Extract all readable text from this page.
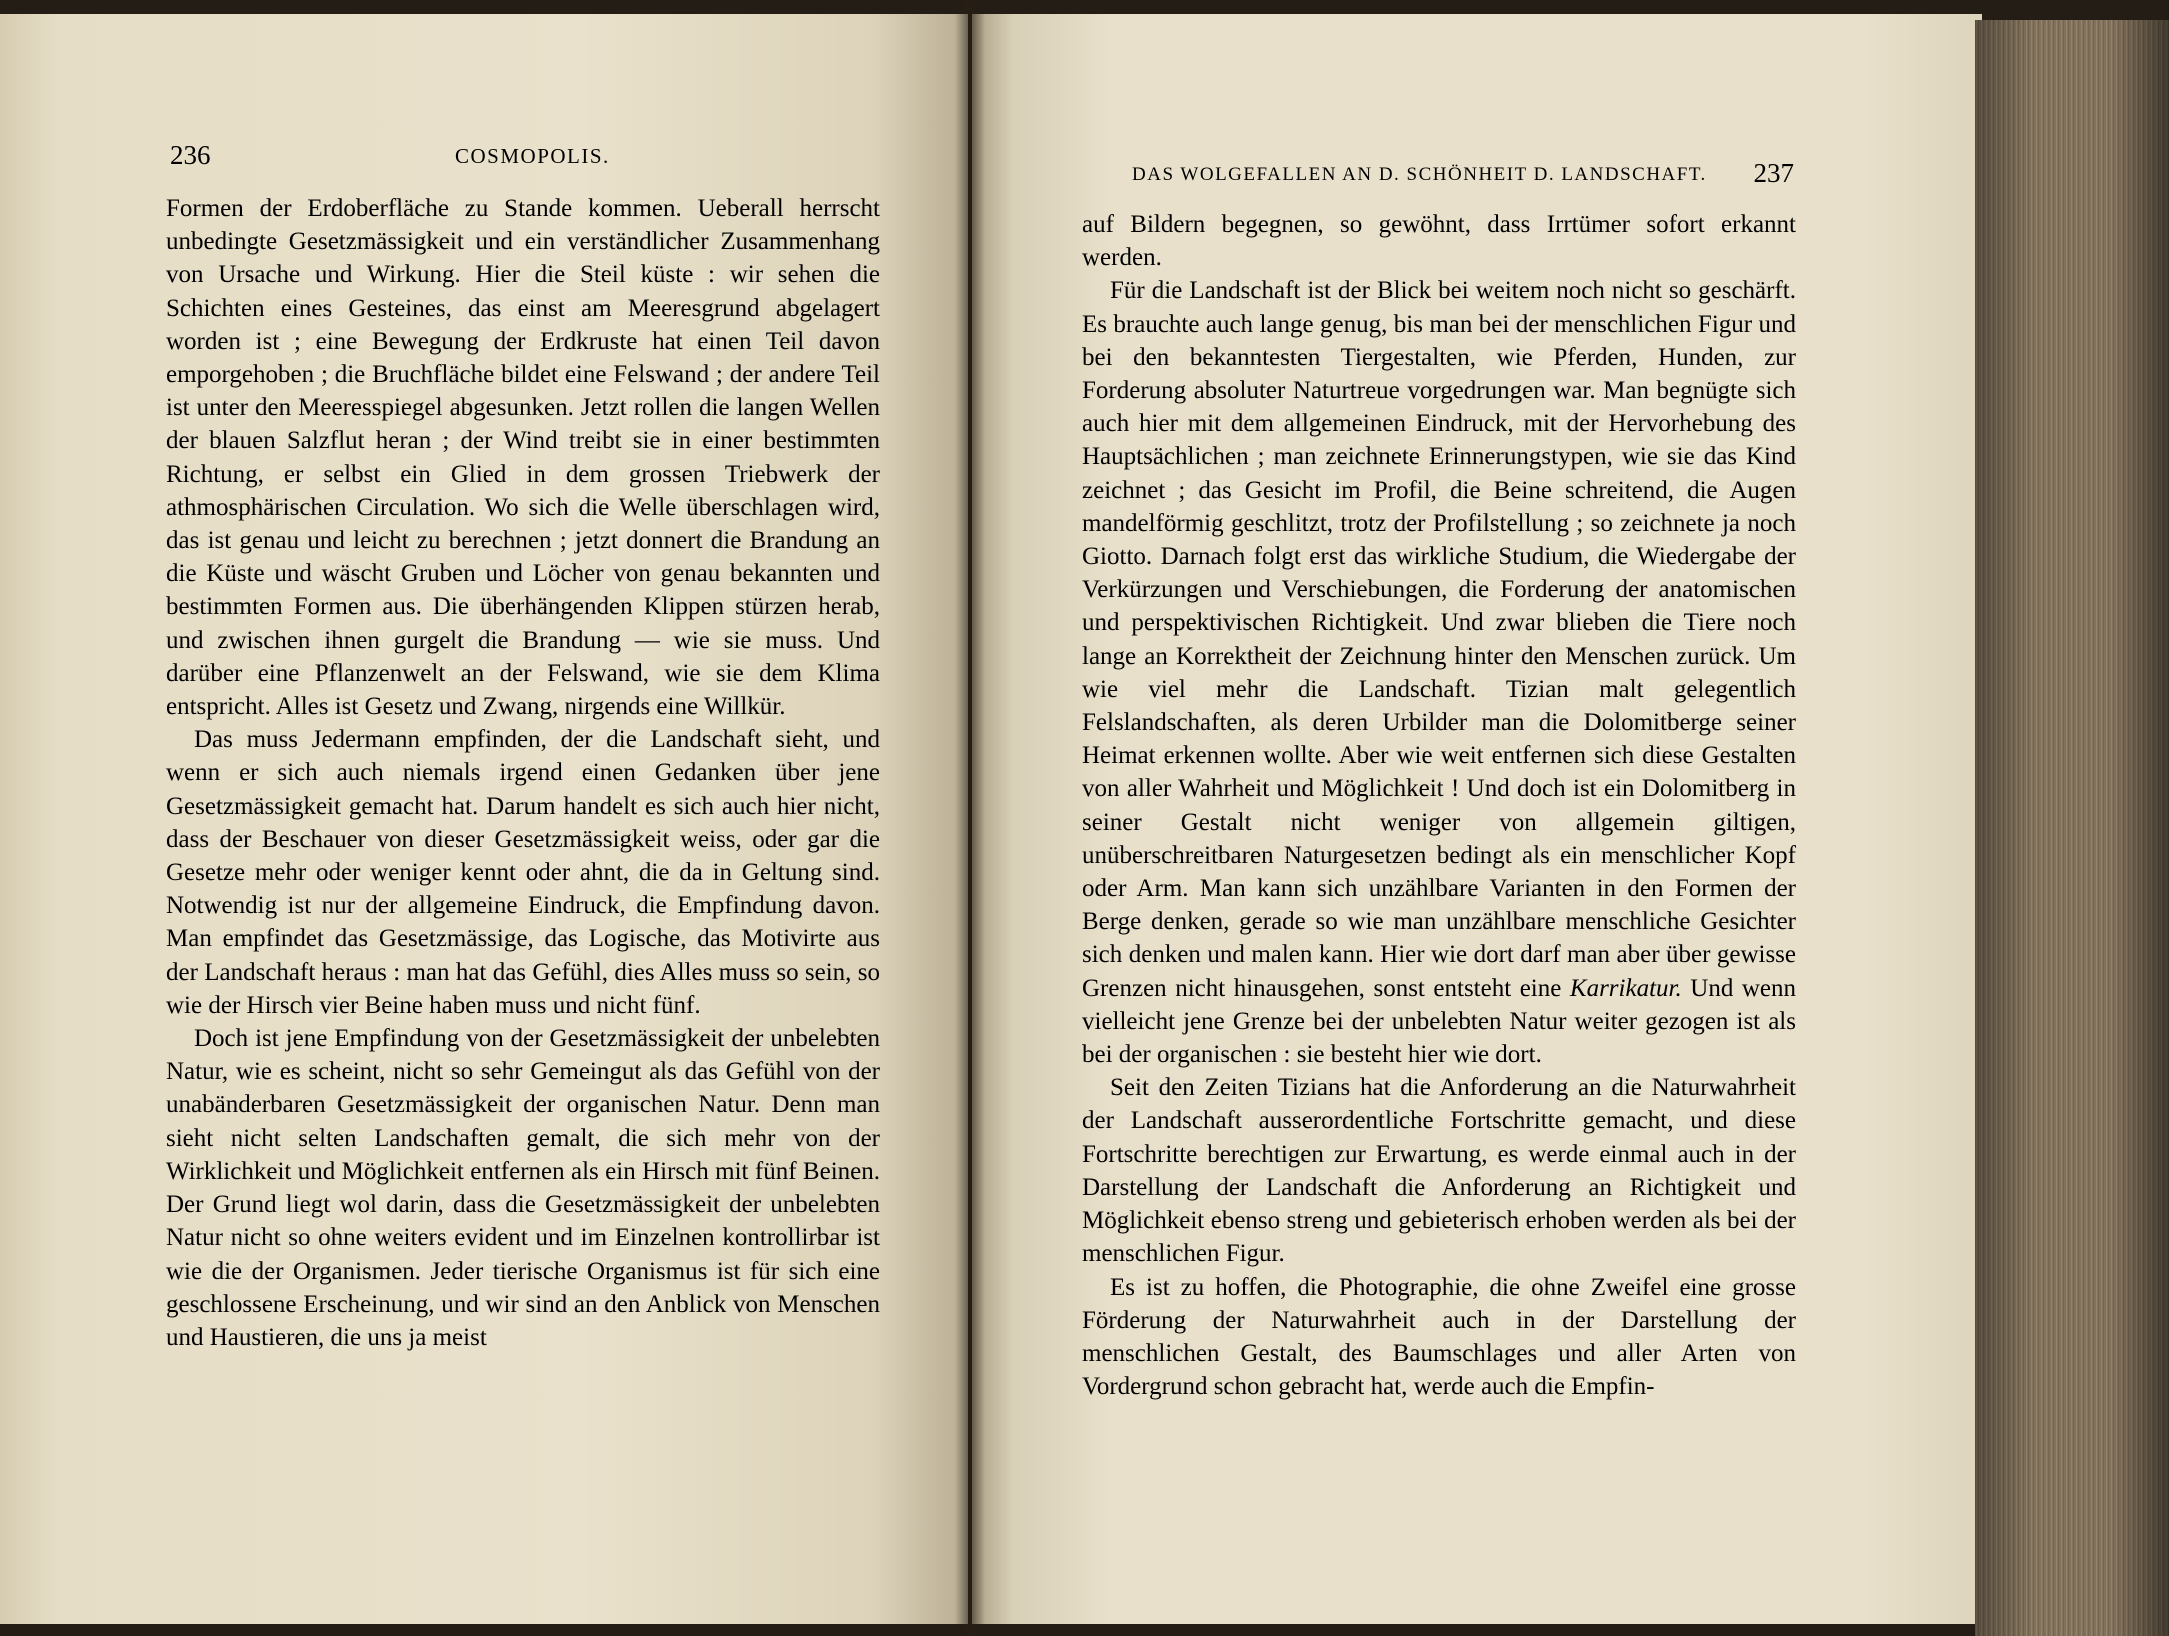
236	COSMOPOLIS.
DAS WOLGEFALLEN AN D. SCHÖNHEIT D. LANDSCHAFT. 237

Formen der Erdoberfläche zu Stande kommen. Ueberall herrscht unbedingte Gesetzmässigkeit und ein verständlicher Zusammenhang von Ursache und Wirkung. Hier die Steil küste : wir sehen die Schichten eines Gesteines, das einst am Meeresgrund abgelagert worden ist ; eine Bewegung der Erdkruste hat einen Teil davon emporgehoben ; die Bruchfläche bildet eine Felswand ; der andere Teil ist unter den Meeresspiegel abgesunken. Jetzt rollen die langen Wellen der blauen Salzflut heran ; der Wind treibt sie in einer bestimmten Richtung, er selbst ein Glied in dem grossen Triebwerk der athmosphärischen Circulation. Wo sich die Welle überschlagen wird, das ist genau und leicht zu berechnen ; jetzt donnert die Brandung an die Küste und wäscht Gruben und Löcher von genau bekannten und bestimmten Formen aus. Die überhängenden Klippen stürzen herab, und zwischen ihnen gurgelt die Brandung — wie sie muss. Und darüber eine Pflanzenwelt an der Felswand, wie sie dem Klima entspricht. Alles ist Gesetz und Zwang, nirgends eine Willkür.

Das muss Jedermann empfinden, der die Landschaft sieht, und wenn er sich auch niemals irgend einen Gedanken über jene Gesetzmässigkeit gemacht hat. Darum handelt es sich auch hier nicht, dass der Beschauer von dieser Gesetzmässigkeit weiss, oder gar die Gesetze mehr oder weniger kennt oder ahnt, die da in Geltung sind. Notwendig ist nur der allgemeine Eindruck, die Empfindung davon. Man empfindet das Gesetzmässige, das Logische, das Motivirte aus der Landschaft heraus : man hat das Gefühl, dies Alles muss so sein, so wie der Hirsch vier Beine haben muss und nicht fünf.

Doch ist jene Empfindung von der Gesetzmässigkeit der unbelebten Natur, wie es scheint, nicht so sehr Gemeingut als das Gefühl von der unabänderbaren Gesetzmässigkeit der organischen Natur. Denn man sieht nicht selten Landschaften gemalt, die sich mehr von der Wirklichkeit und Möglichkeit entfernen als ein Hirsch mit fünf Beinen. Der Grund liegt wol darin, dass die Gesetzmässigkeit der unbelebten Natur nicht so ohne weiters evident und im Einzelnen kontrollirbar ist wie die der Organismen. Jeder tierische Organismus ist für sich eine geschlossene Erscheinung, und wir sind an den Anblick von Menschen und Haustieren, die uns ja meist

auf Bildern begegnen, so gewöhnt, dass Irrtümer sofort erkannt werden.

Für die Landschaft ist der Blick bei weitem noch nicht so geschärft. Es brauchte auch lange genug, bis man bei der menschlichen Figur und bei den bekanntesten Tiergestalten, wie Pferden, Hunden, zur Forderung absoluter Naturtreue vorgedrungen war. Man begnügte sich auch hier mit dem allgemeinen Eindruck, mit der Hervorhebung des Hauptsächlichen ; man zeichnete Erinnerungstypen, wie sie das Kind zeichnet ; das Gesicht im Profil, die Beine schreitend, die Augen mandelförmig geschlitzt, trotz der Profilstellung ; so zeichnete ja noch Giotto. Darnach folgt erst das wirkliche Studium, die Wiedergabe der Verkürzungen und Verschiebungen, die Forderung der anatomischen und perspektivischen Richtigkeit. Und zwar blieben die Tiere noch lange an Korrektheit der Zeichnung hinter den Menschen zurück. Um wie viel mehr die Landschaft. Tizian malt gelegentlich Felslandschaften, als deren Urbilder man die Dolomitberge seiner Heimat erkennen wollte. Aber wie weit entfernen sich diese Gestalten von aller Wahrheit und Möglichkeit ! Und doch ist ein Dolomitberg in seiner Gestalt nicht weniger von allgemein giltigen, unüberschreitbaren Naturgesetzen bedingt als ein menschlicher Kopf oder Arm. Man kann sich unzählbare Varianten in den Formen der Berge denken, gerade so wie man unzählbare menschliche Gesichter sich denken und malen kann. Hier wie dort darf man aber über gewisse Grenzen nicht hinausgehen, sonst entsteht eine Karrikatur. Und wenn vielleicht jene Grenze bei der unbelebten Natur weiter gezogen ist als bei der organischen : sie besteht hier wie dort.

Seit den Zeiten Tizians hat die Anforderung an die Naturwahrheit der Landschaft ausserordentliche Fortschritte gemacht, und diese Fortschritte berechtigen zur Erwartung, es werde einmal auch in der Darstellung der Landschaft die Anforderung an Richtigkeit und Möglichkeit ebenso streng und gebieterisch erhoben werden als bei der menschlichen Figur.

Es ist zu hoffen, die Photographie, die ohne Zweifel eine grosse Förderung der Naturwahrheit auch in der Darstellung der menschlichen Gestalt, des Baumschlages und aller Arten von Vordergrund schon gebracht hat, werde auch die Empfin-
